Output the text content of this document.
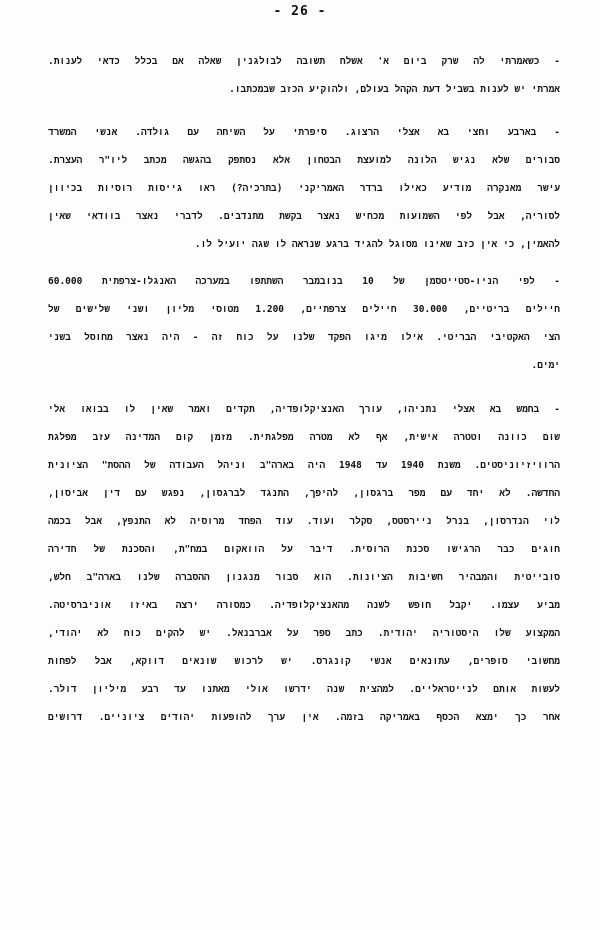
- 26 -
- כשאמרתי לה שרק ביום א' אשלח תשובה לבולגנין שאלה אם בכלל כדאי לענות.
אמרתי יש לענות בשביל דעת הקהל בעולם, ולהוקיע הכזב שבמכתבו.
- בארבע וחצי בא אצלי הרצוג. סיפרתי על השיחה עם גולדה. אנשי המשרד
סבורים שלא נגיש הלונה למועצת הבטחון אלא נסתפק בהגשה מכתב ליו"ר העצרת.
עישר מאנקרה מודיע כאילו ברדר האמריקני (בתרכיה?) ראו גייסות רוסיות בכיוון
לסוריה, אבל לפי השמועות מכחיש נאצר בקשת מתנדבים. לדברי נאצר בוודאי שאין
להאמין, כי אין כזב שאינו מסוגל להגיד ברגע שנראה לו שגה יועיל לו.
- לפי הניו-סטייטסמן של 10 בנובמבר השתתפו במערכה האנגלו-צרפתית 60.000
חיילים בריטיים, 30.000 חיילים צרפתיים, 1.200 מטוסי מליון ושני שלישים של
הצי האקטיבי הבריטי. אילו מיגו הפקד שלנו על כוח זה - היה נאצר מחוסל בשני
ימים.
- בחמש בא אצלי נתניהו, עורך האנציקלופדיה, תקדים ואמר שאין לו בבואו אלי
שום כוונה וטטרה אישית, אף לא מטרה מפלגתית. מזמן קום המדינה עזב מפלגת
הרוויזיוניסטים. משנת 1940 עד 1948 היה בארה"ב וניהל העבודה של ההסת" הציונית
החדשה. לא יחד עם מפר ברגסון, להיפך, התנגד לברגסון, נפגש עם דין אביסון,
לוי הנדרסון, בנרל ניירסטס, סקלר ועוד. עוד הפחד מרוסיה לא התנפץ, אבל בכמה
חוגים כבר הרגישו סכנת הרוסית. דיבר על הוואקום במח"ת, והסכנת של חדירה
סובייטית והמבהיר חשיבות הציונות. הוא סבור מנגנון ההסברה שלנו בארה"ב חלש,
מביע עצמו. יקבל חופש לשנה מהאנציקלופדיה. כמסורה ירצה באיזו אוניברסיטה.
המקצוע שלו היסטוריה יהודית. כתב ספר על אברבנאל. יש להקים כוח לא יהודי,
מחשובי סופרים, עתונאים אנשי קונגרס. יש לרכוש שונאים דווקא, אבל לפחות
לעשות אותם לנייטראליים. למהצית שנה ידרשו אולי מאתנו עד רבע מיליון דולר.
אחר כך ימצא הכסף באמריקה בזמה. אין ערך להופעות יהודים ציוניים. דרושים
